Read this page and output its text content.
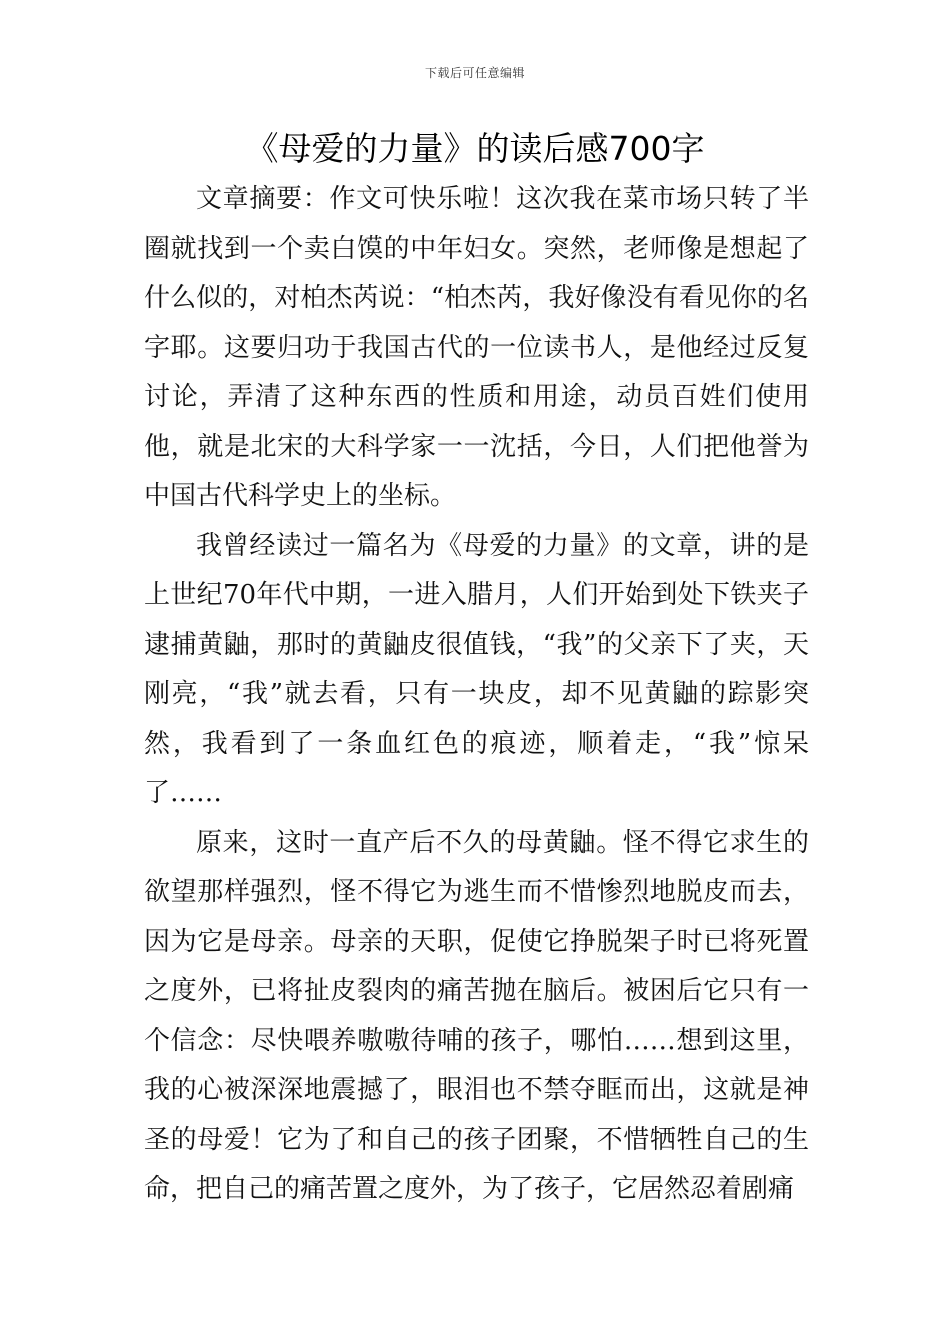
下载后可任意编辑
《母爱的力量》的读后感700字

文章摘要：作文可快乐啦！这次我在菜市场只转了半圈就找到一个卖白馍的中年妇女。突然，老师像是想起了什么似的，对柏杰芮说：“柏杰芮，我好像没有看见你的名字耶。这要归功于我国古代的一位读书人，是他经过反复讨论，弄清了这种东西的性质和用途，动员百姓们使用他，就是北宋的大科学家一一沈括，今日，人们把他誉为中国古代科学史上的坐标。

我曾经读过一篇名为《母爱的力量》的文章，讲的是上世纪70年代中期，一进入腊月，人们开始到处下铁夹子逮捕黄鼬，那时的黄鼬皮很值钱，“我”的父亲下了夹，天刚亮，“我”就去看，只有一块皮，却不见黄鼬的踪影突然，我看到了一条血红色的痕迹，顺着走，“我”惊呆了……

原来，这时一直产后不久的母黄鼬。怪不得它求生的欲望那样强烈，怪不得它为逃生而不惜惨烈地脱皮而去，因为它是母亲。母亲的天职，促使它挣脱架子时已将死置之度外，已将扯皮裂肉的痛苦抛在脑后。被困后它只有一个信念：尽快喂养嗷嗷待哺的孩子，哪怕……想到这里，我的心被深深地震撼了，眼泪也不禁夺眶而出，这就是神圣的母爱！它为了和自己的孩子团聚，不惜牺牲自己的生命，把自己的痛苦置之度外，为了孩子，它居然忍着剧痛
